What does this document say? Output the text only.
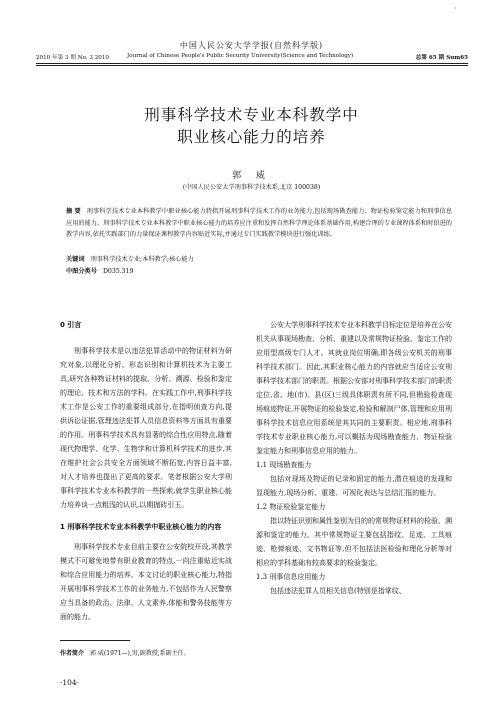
·
中国人民公安大学学报(自然科学版)
2010 年第 3 期 No. 3 2010	Journal of Chinese People's Public Security University(Science and Technology)	总第 65 期 Sum65
刑事科学技术专业本科教学中
职业核心能力的培养
郭 威
(中国人民公安大学刑事科学技术系,北京 100038)
摘 要 刑事科学技术专业本科教学中职业核心能力特指开展刑事科学技术工作的业务能力,包括现场勘查能力、物证检验鉴定能力和刑事信息应用的能力。刑事科学技术专业本科教学中职业核心能力的培养应注重和发挥自然科学理论体系基础作用,构建合理的专业课程体系和时俱进的教学内容,依托实践部门的力量保证课程教学内容贴近实际,并通过专门实践教学模块进行强化训练。
关键词 刑事科学技术专业;本科教学;核心能力
中图分类号 D035.319
0 引言
刑事科学技术是以违法犯罪活动中的物证材料为研究对象,以理化分析、形态识别和计算机技术为主要工具,研究各种物证材料的提取、分析、溯源、检验和鉴定的理论、技术和方法的学科。在实践工作中,刑事科学技术工作是公安工作的重要组成部分,在指明侦查方向,提供诉讼证据,管理违法犯罪人员信息资料等方面具有重要的作用。刑事科学技术具有显著的综合性应用特点,随着现代物理学、化学、生物学和计算机科学技术的进步,其在维护社会公共安全方面领域不断拓宽,内容日益丰富,对人才培养也提出了更高的要求。笔者根据公安大学刑事科学技术专业本科教学的一些探索,就学生职业核心能力培养谈一点粗浅的认识,以期抛砖引玉。
1 刑事科学技术专业本科教学中职业核心能力的内容
刑事科学技术专业目前主要在公安院校开设,其教学模式不可避免地带有职业教育的特点,一向注重贴近实战和综合应用能力的培养。本文讨论的职业核心能力,特指开展刑事科学技术工作的业务能力,不包括作为人民警察应当具备的政治、法律、人文素养,体能和警务技能等方面的能力。
公安大学刑事科学技术专业本科教学目标定位是培养在公安机关从事现场勘查、分析、重建以及常规物证检验、鉴定工作的应用型高级专门人才。其就业岗位明确,即各级公安机关的刑事科学技术部门。因此,其职业核心能力的内容就应当适应公安刑事科学技术部门的职责。根据公安部对刑事科学技术部门的职责定位,省、地(市)、县(区)三级具体职责有所不同,但勘验检查现场痕迹物证,开展物证的检验鉴定,检验和解剖尸体,管理和应用刑事科学技术信息应用系统是其共同的主要职责。相应地,刑事科学技术专业职业核心能力,可以概括为现场勘查能力、物证检验鉴定能力和刑事信息应用的能力。
1.1 现场勘查能力
包括对现场及物证的记录和固定的能力,潜在痕迹的发现和显现能力,现场分析、重建、可视化表达与总结汇报的能力。
1.2 物证检验鉴定能力
指以特征识别和属性鉴别为目的的常规物证材料的检验、溯源和鉴定的能力。其中常规物证主要包括指纹、足迹、工具痕迹、枪弹痕迹、文书物证等,但不包括法医检验和理化分析等对相应的学科基础有较高要求的检验鉴定。
1.3 刑事信息应用能力
包括违法犯罪人员相关信息(特别是指掌纹、
作者简介 郭 威(1971—),男,副教授,系副主任。
·104·
